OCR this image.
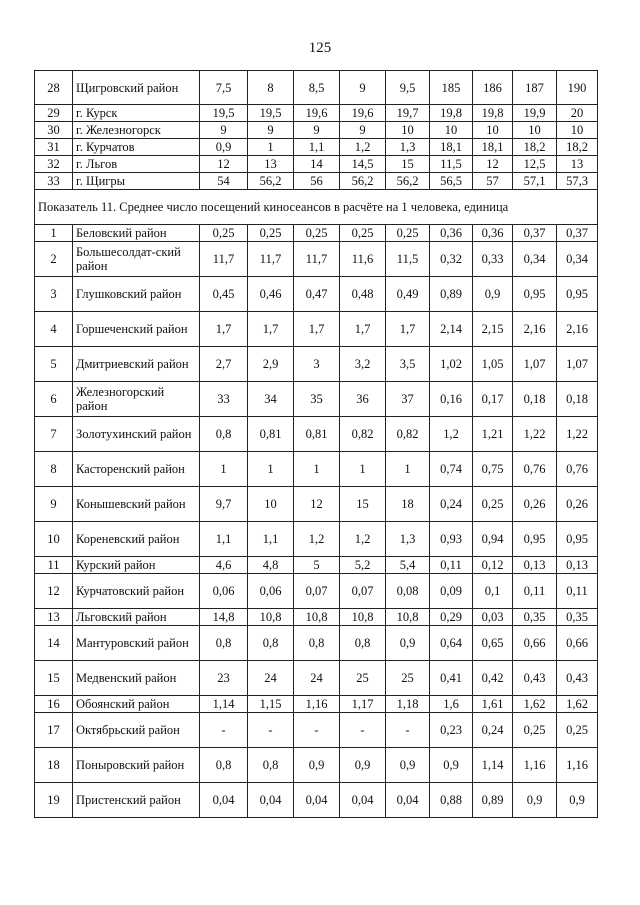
125
28	Щигровский район	7,5	8	8,5	9	9,5	185	186	187	190
29	г. Курск	19,5	19,5	19,6	19,6	19,7	19,8	19,8	19,9	20
30	г. Железногорск	9	9	9	9	10	10	10	10	10
31	г. Курчатов	0,9	1	1,1	1,2	1,3	18,1	18,1	18,2	18,2
32	г. Льгов	12	13	14	14,5	15	11,5	12	12,5	13
33	г. Щигры	54	56,2	56	56,2	56,2	56,5	57	57,1	57,3
Показатель 11. Среднее число посещений киносеансов в расчёте на 1 человека, единица										
1	Беловский район	0,25	0,25	0,25	0,25	0,25	0,36	0,36	0,37	0,37
2	Большесолдат-ский район	11,7	11,7	11,7	11,6	11,5	0,32	0,33	0,34	0,34
3	Глушковский район	0,45	0,46	0,47	0,48	0,49	0,89	0,9	0,95	0,95
4	Горшеченский район	1,7	1,7	1,7	1,7	1,7	2,14	2,15	2,16	2,16
5	Дмитриевский район	2,7	2,9	3	3,2	3,5	1,02	1,05	1,07	1,07
6	Железногорский район	33	34	35	36	37	0,16	0,17	0,18	0,18
7	Золотухинский район	0,8	0,81	0,81	0,82	0,82	1,2	1,21	1,22	1,22
8	Касторенский район	1	1	1	1	1	0,74	0,75	0,76	0,76
9	Конышевский район	9,7	10	12	15	18	0,24	0,25	0,26	0,26
10	Кореневский район	1,1	1,1	1,2	1,2	1,3	0,93	0,94	0,95	0,95
11	Курский район	4,6	4,8	5	5,2	5,4	0,11	0,12	0,13	0,13
12	Курчатовский район	0,06	0,06	0,07	0,07	0,08	0,09	0,1	0,11	0,11
13	Льговский район	14,8	10,8	10,8	10,8	10,8	0,29	0,03	0,35	0,35
14	Мантуровский район	0,8	0,8	0,8	0,8	0,9	0,64	0,65	0,66	0,66
15	Медвенский район	23	24	24	25	25	0,41	0,42	0,43	0,43
16	Обоянский район	1,14	1,15	1,16	1,17	1,18	1,6	1,61	1,62	1,62
17	Октябрьский район	-	-	-	-	-	0,23	0,24	0,25	0,25
18	Поныровский район	0,8	0,8	0,9	0,9	0,9	0,9	1,14	1,16	1,16
19	Пристенский район	0,04	0,04	0,04	0,04	0,04	0,88	0,89	0,9	0,9
